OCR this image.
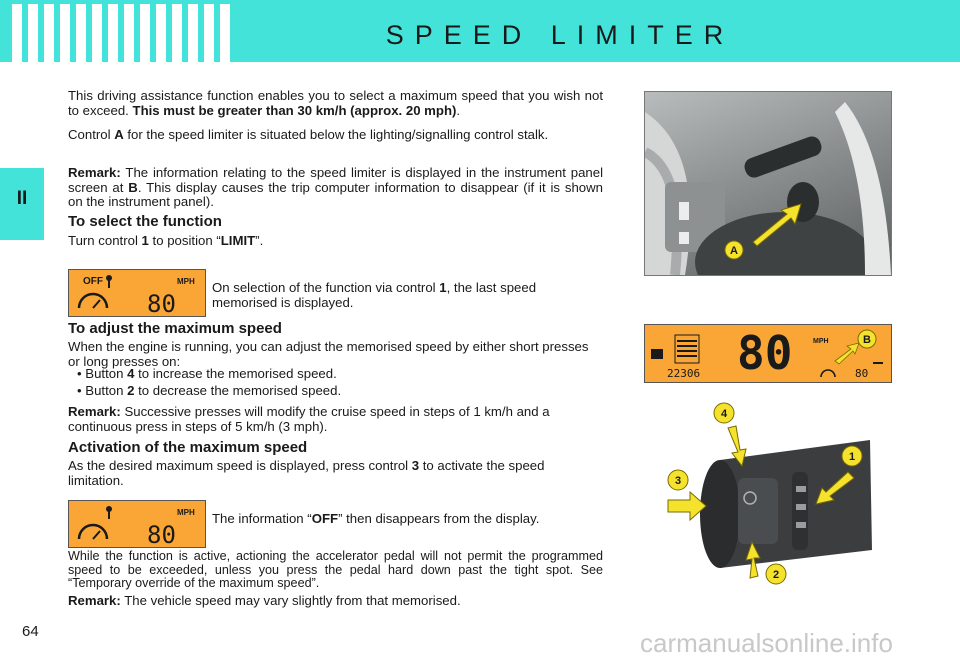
SPEED LIMITER
II
This driving assistance function enables you to select a maximum speed that you wish not to exceed. This must be greater than 30 km/h (approx. 20 mph).
Control A for the speed limiter is situated below the lighting/signalling control stalk.
Remark: The information relating to the speed limiter is displayed in the instrument panel screen at B. This display causes the trip computer information to disappear (if it is shown on the instrument panel).
To select the function
Turn control 1 to position “LIMIT”.
OFF	MPH
80
On selection of the function via control 1, the last speed memorised is displayed.
To adjust the maximum speed
When the engine is running, you can adjust the memorised speed by either short presses or long presses on:
• Button 4 to increase the memorised speed.
• Button 2 to decrease the memorised speed.
Remark: Successive presses will modify the cruise speed in steps of 1 km/h and a continuous press in steps of 5 km/h (3 mph).
Activation of the maximum speed
As the desired maximum speed is displayed, press control 3 to activate the speed limitation.
MPH
80
The information “OFF” then disappears from the display.
While the function is active, actioning the accelerator pedal will not permit the programmed speed to be exceeded, unless you press the pedal hard down past the tight spot. See “Temporary override of the maximum speed”.
Remark: The vehicle speed may vary slightly from that memorised.
A
80	MPH
22306	80
B
3
1
2
4
64	carmanualsonline.info
